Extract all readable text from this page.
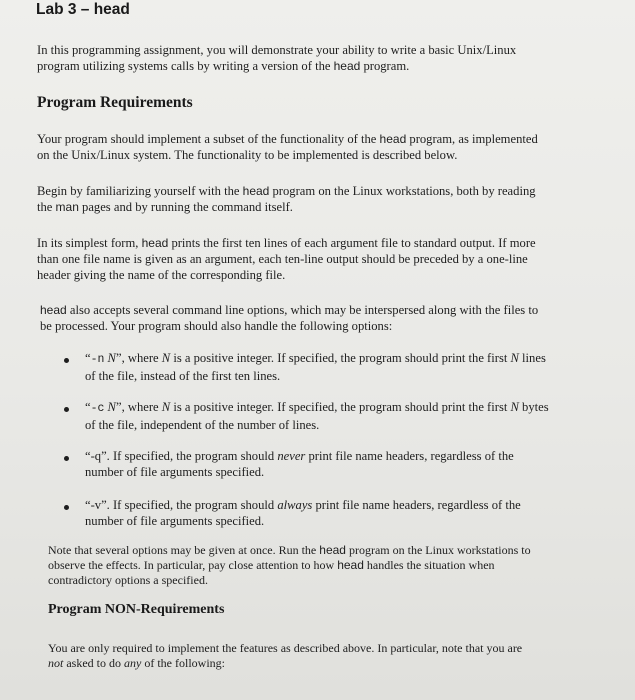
Lab 3 – head
In this programming assignment, you will demonstrate your ability to write a basic Unix/Linux
program utilizing systems calls by writing a version of the head program.
Program Requirements
Your program should implement a subset of the functionality of the head program, as implemented
on the Unix/Linux system. The functionality to be implemented is described below.
Begin by familiarizing yourself with the head program on the Linux workstations, both by reading
the man pages and by running the command itself.
In its simplest form, head prints the first ten lines of each argument file to standard output. If more
than one file name is given as an argument, each ten-line output should be preceded by a one-line
header giving the name of the corresponding file.
head also accepts several command line options, which may be interspersed along with the files to
be processed. Your program should also handle the following options:
“-n N”, where N is a positive integer. If specified, the program should print the first N lines
of the file, instead of the first ten lines.
“-c N”, where N is a positive integer. If specified, the program should print the first N bytes
of the file, independent of the number of lines.
“-q”. If specified, the program should never print file name headers, regardless of the
number of file arguments specified.
“-v”. If specified, the program should always print file name headers, regardless of the
number of file arguments specified.
Note that several options may be given at once. Run the head program on the Linux workstations to
observe the effects. In particular, pay close attention to how head handles the situation when
contradictory options a specified.
Program NON-Requirements
You are only required to implement the features as described above. In particular, note that you are
not asked to do any of the following:
